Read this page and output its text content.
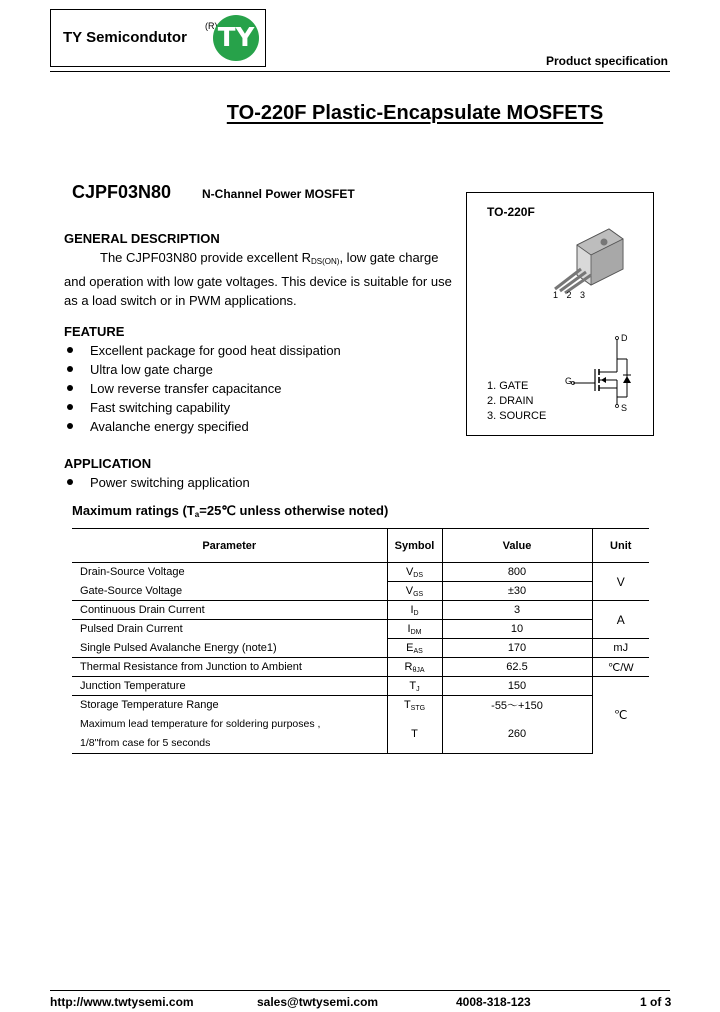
TY Semicondutor
(R TY
Product specification
TO-220F Plastic-Encapsulate MOSFETS
CJPF03N80	N-Channel Power MOSFET
GENERAL DESCRIPTION
The CJPF03N80 provide excellent $R_{DS(ON)}$, low gate charge and operation with low gate voltages. This device is suitable for use as a load switch or in PWM applications.
FEATURE
Excellent package for good heat dissipation
Ultra low gate charge
Low reverse transfer capacitance
Fast switching capability
Avalanche energy specified
APPLICATION
Power switching application
TO-220F
1 2 3
D
G
S
1. GATE
2. DRAIN
3. SOURCE
Maximum ratings ($T_a=25℃$ unless otherwise noted)
Parameter	Symbol	Value	Unit
Drain-Source Voltage	VDS	800	V
Gate-Source Voltage	VGS	±30	
Continuous Drain Current	ID	3	A
Pulsed Drain Current	IDM	10	
Single Pulsed Avalanche Energy (note1)	EAS	170	mJ
Thermal Resistance from Junction to Ambient	RθJA	62.5	℃/W
Junction Temperature	TJ	150	℃
Storage Temperature Range	TSTG	-55～+150	

Maximum lead temperature for soldering purposes ,
1/8"from case for 5 seconds	T	260	
http://www.twtysemi.com	sales@twtysemi.com	4008-318-123	1 of 3
